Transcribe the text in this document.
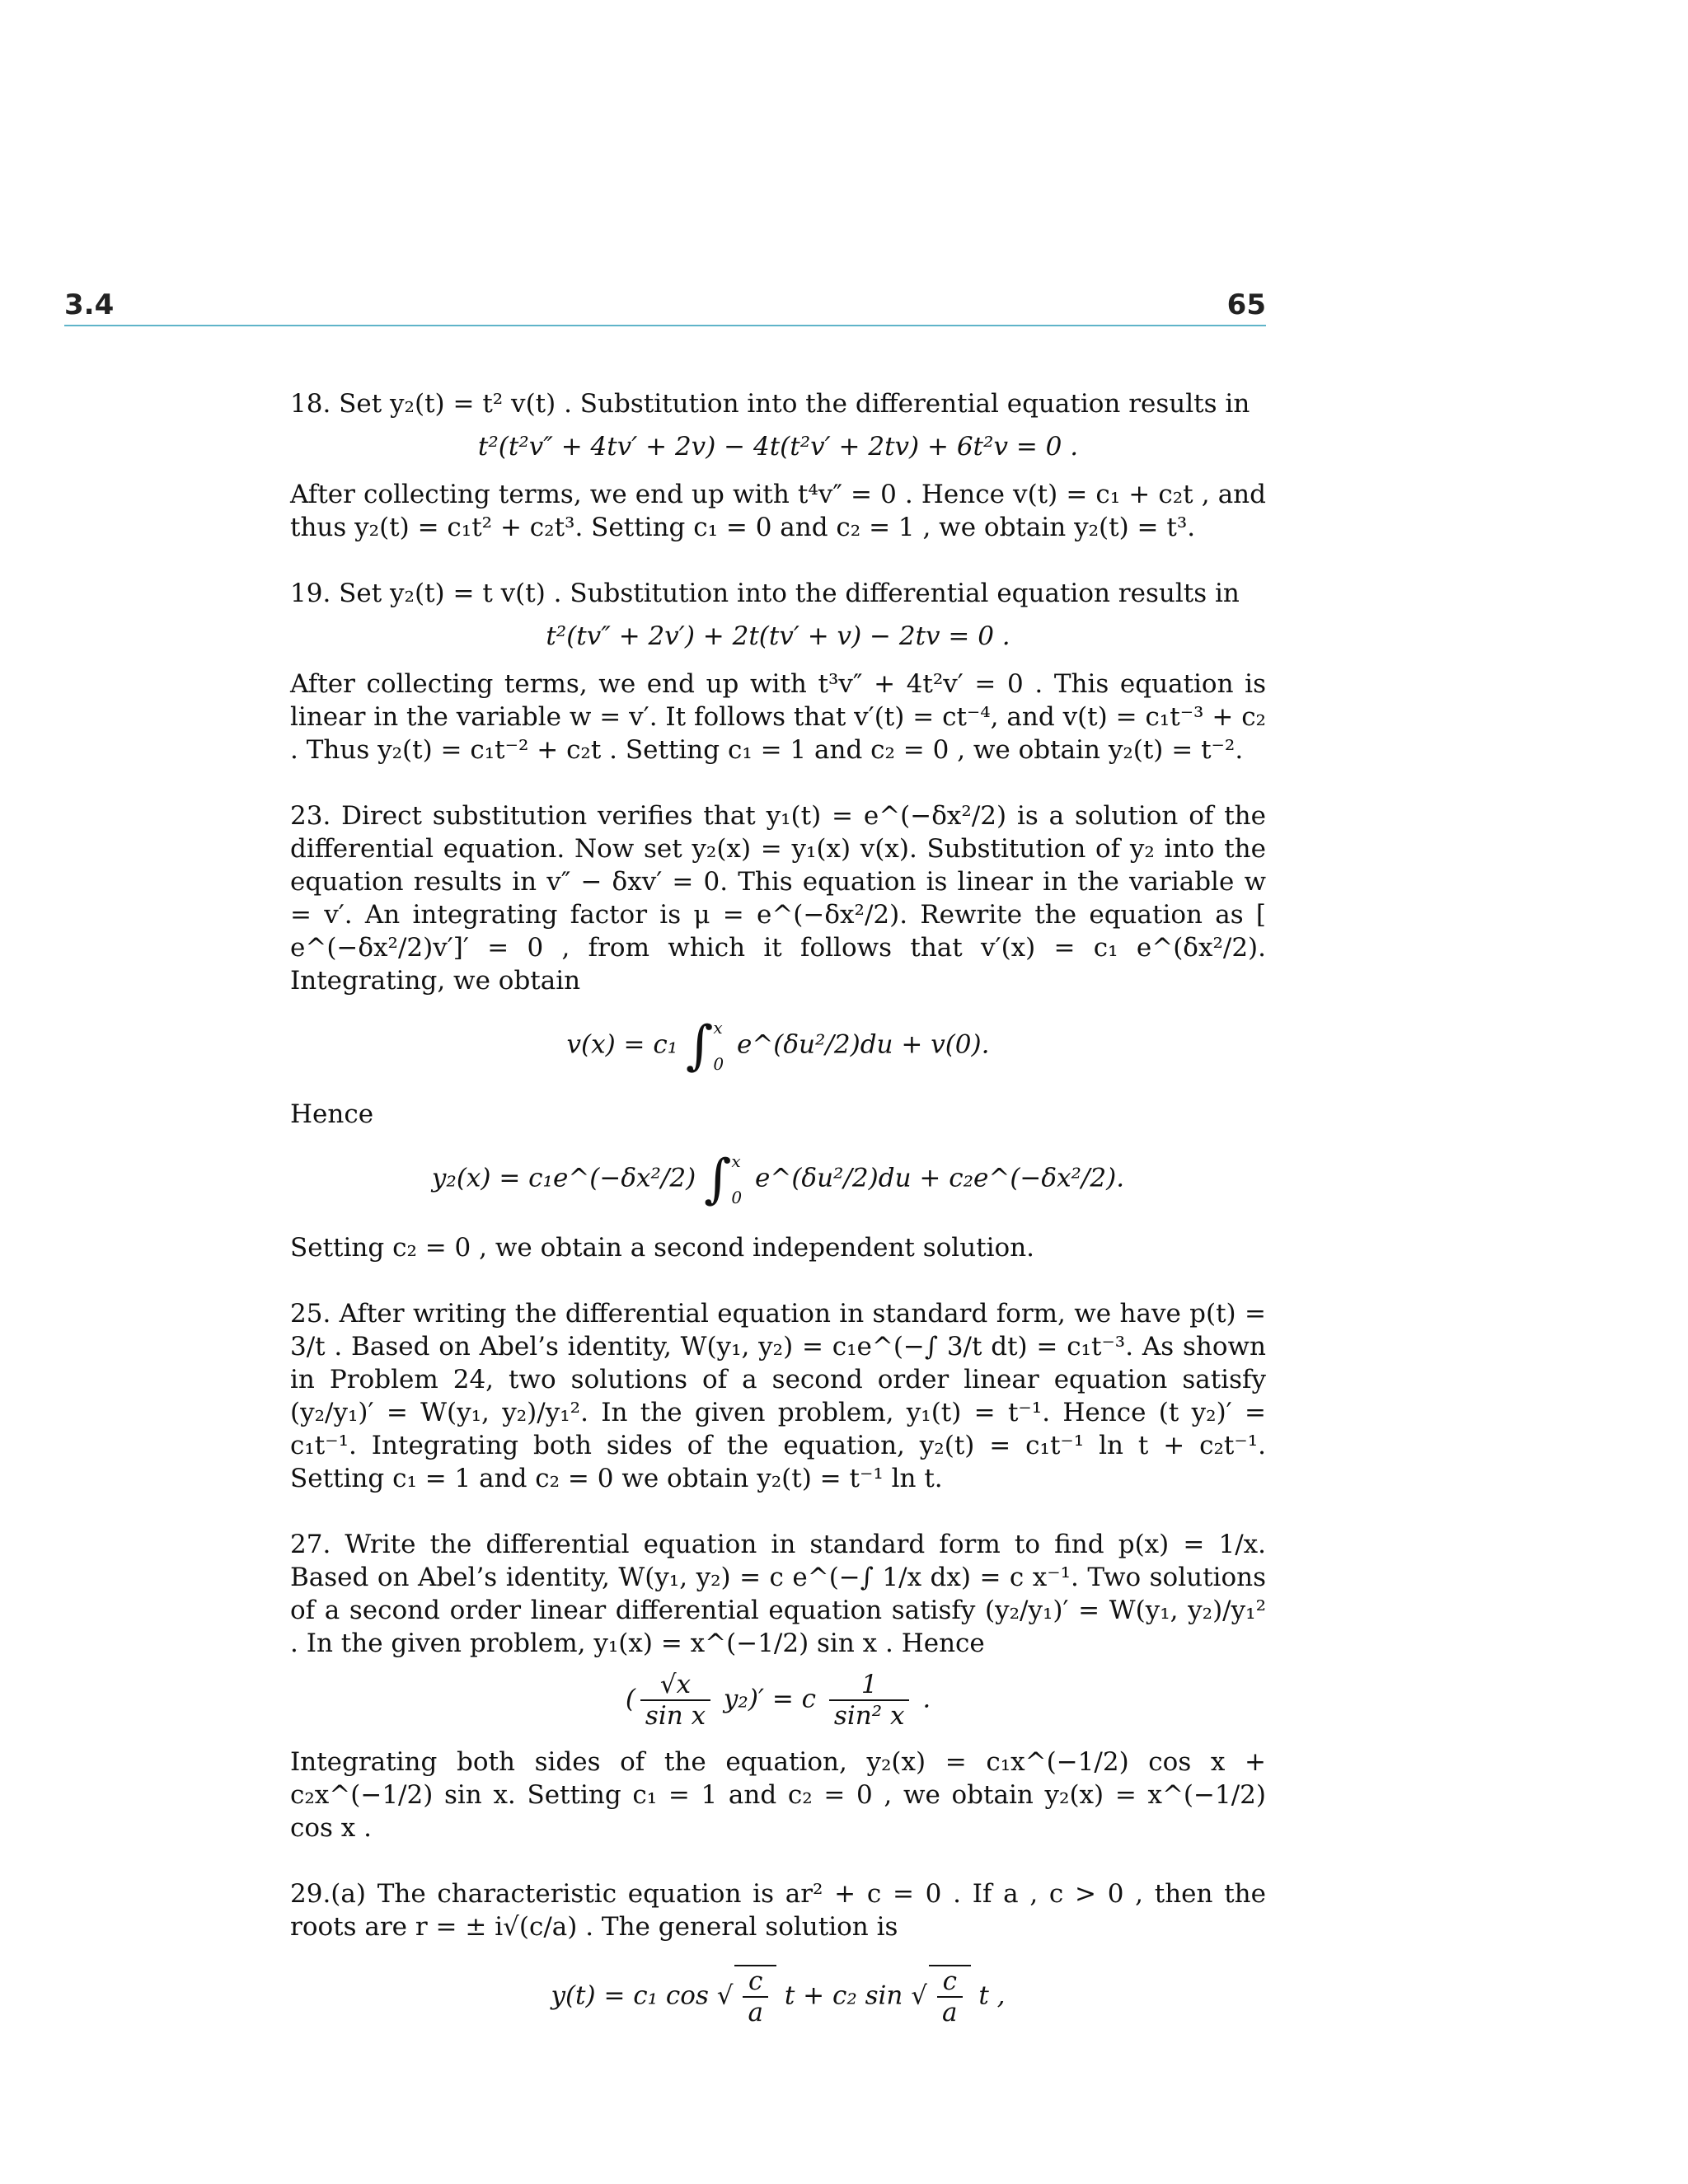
3.4	65

18. Set y₂(t) = t² v(t) . Substitution into the differential equation results in

t²(t²v″ + 4tv′ + 2v) − 4t(t²v′ + 2tv) + 6t²v = 0 .

After collecting terms, we end up with t⁴v″ = 0 . Hence v(t) = c₁ + c₂t , and thus y₂(t) = c₁t² + c₂t³. Setting c₁ = 0 and c₂ = 1 , we obtain y₂(t) = t³.

19. Set y₂(t) = t v(t) . Substitution into the differential equation results in

t²(tv″ + 2v′) + 2t(tv′ + v) − 2tv = 0 .

After collecting terms, we end up with t³v″ + 4t²v′ = 0 . This equation is linear in the variable w = v′. It follows that v′(t) = ct⁻⁴, and v(t) = c₁t⁻³ + c₂ . Thus y₂(t) = c₁t⁻² + c₂t . Setting c₁ = 1 and c₂ = 0 , we obtain y₂(t) = t⁻².

23. Direct substitution verifies that y₁(t) = e^(−δx²/2) is a solution of the differential equation. Now set y₂(x) = y₁(x) v(x). Substitution of y₂ into the equation results in v″ − δxv′ = 0. This equation is linear in the variable w = v′. An integrating factor is μ = e^(−δx²/2). Rewrite the equation as [ e^(−δx²/2)v′]′ = 0 , from which it follows that v′(x) = c₁ e^(δx²/2). Integrating, we obtain

v(x) = c₁ ∫x

0 e^(δu²/2)du + v(0).

Hence

y₂(x) = c₁e^(−δx²/2) ∫x

0 e^(δu²/2)du + c₂e^(−δx²/2).

Setting c₂ = 0 , we obtain a second independent solution.

25. After writing the differential equation in standard form, we have p(t) = 3/t . Based on Abel’s identity, W(y₁, y₂) = c₁e^(−∫ 3/t dt) = c₁t⁻³. As shown in Problem 24, two solutions of a second order linear equation satisfy (y₂/y₁)′ = W(y₁, y₂)/y₁². In the given problem, y₁(t) = t⁻¹. Hence (t y₂)′ = c₁t⁻¹. Integrating both sides of the equation, y₂(t) = c₁t⁻¹ ln t + c₂t⁻¹. Setting c₁ = 1 and c₂ = 0 we obtain y₂(t) = t⁻¹ ln t.

27. Write the differential equation in standard form to find p(x) = 1/x. Based on Abel’s identity, W(y₁, y₂) = c e^(−∫ 1/x dx) = c x⁻¹. Two solutions of a second order linear differential equation satisfy (y₂/y₁)′ = W(y₁, y₂)/y₁² . In the given problem, y₁(x) = x^(−1/2) sin x . Hence

( $\frac{√x}{\text{sin x}} y_2)' = c \frac{1}{\text{sin² x}}$ .

Integrating both sides of the equation, y₂(x) = c₁x^(−1/2) cos x + c₂x^(−1/2) sin x. Setting c₁ = 1 and c₂ = 0 , we obtain y₂(x) = x^(−1/2) cos x .

29.(a) The characteristic equation is ar² + c = 0 . If a , c > 0 , then the roots are r = ± i√(c/a) . The general solution is

y(t) = c₁ cos √ $\frac{c}{a}$ t + c₂ sin √ $\frac{c}{a}$ t ,
